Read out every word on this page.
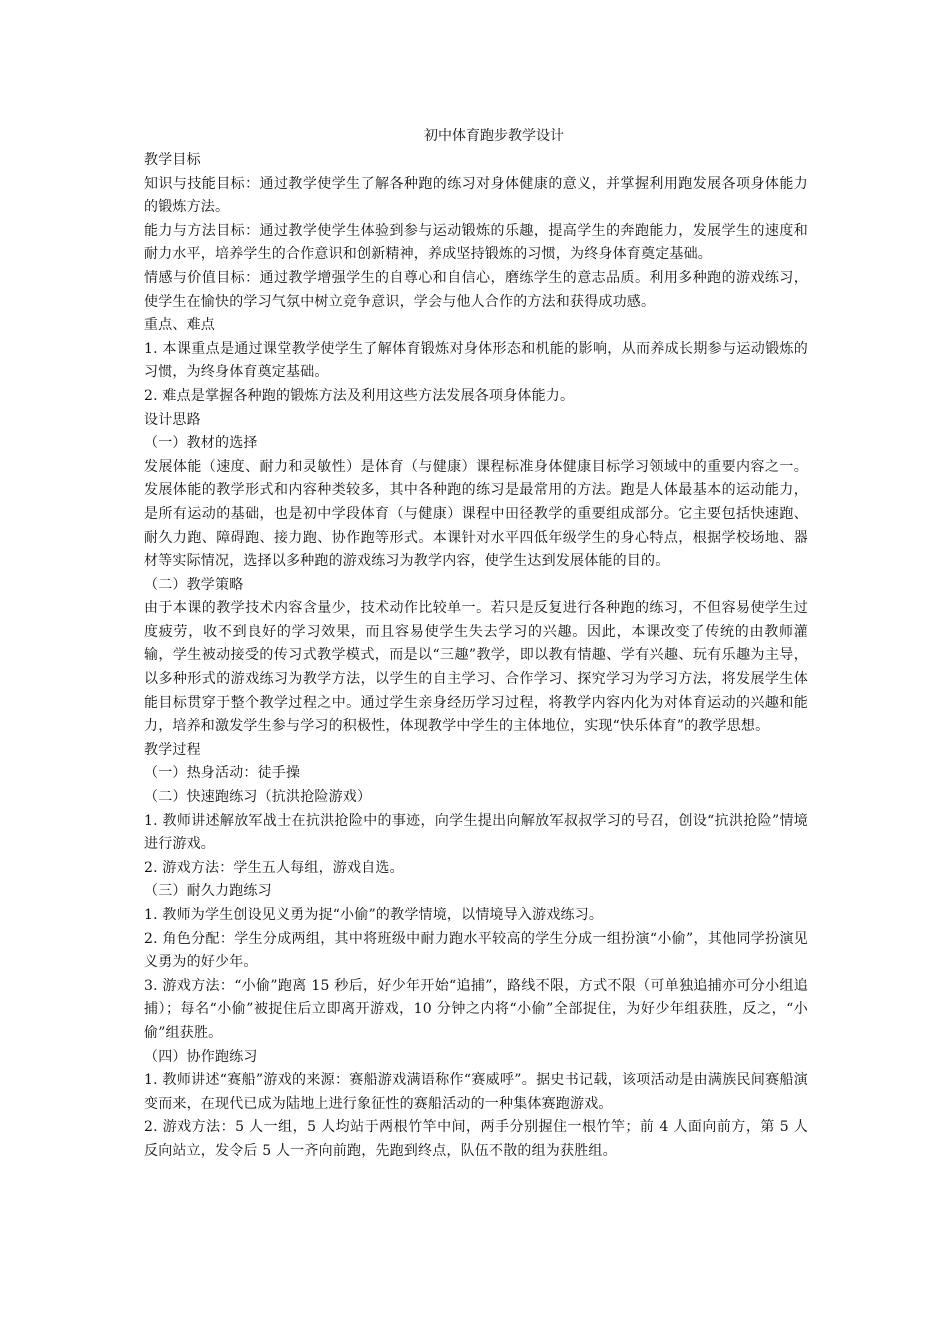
初中体育跑步教学设计

教学目标

知识与技能目标：通过教学使学生了解各种跑的练习对身体健康的意义，并掌握利用跑发展各项身体能力的锻炼方法。

能力与方法目标：通过教学使学生体验到参与运动锻炼的乐趣，提高学生的奔跑能力，发展学生的速度和耐力水平，培养学生的合作意识和创新精神，养成坚持锻炼的习惯，为终身体育奠定基础。

情感与价值目标：通过教学增强学生的自尊心和自信心，磨练学生的意志品质。利用多种跑的游戏练习，使学生在愉快的学习气氛中树立竞争意识，学会与他人合作的方法和获得成功感。

重点、难点

1. 本课重点是通过课堂教学使学生了解体育锻炼对身体形态和机能的影响，从而养成长期参与运动锻炼的习惯，为终身体育奠定基础。

2. 难点是掌握各种跑的锻炼方法及利用这些方法发展各项身体能力。

设计思路

（一）教材的选择

发展体能（速度、耐力和灵敏性）是体育（与健康）课程标准身体健康目标学习领域中的重要内容之一。发展体能的教学形式和内容种类较多，其中各种跑的练习是最常用的方法。跑是人体最基本的运动能力，是所有运动的基础，也是初中学段体育（与健康）课程中田径教学的重要组成部分。它主要包括快速跑、耐久力跑、障碍跑、接力跑、协作跑等形式。本课针对水平四低年级学生的身心特点，根据学校场地、器材等实际情况，选择以多种跑的游戏练习为教学内容，使学生达到发展体能的目的。

（二）教学策略

由于本课的教学技术内容含量少，技术动作比较单一。若只是反复进行各种跑的练习，不但容易使学生过度疲劳，收不到良好的学习效果，而且容易使学生失去学习的兴趣。因此，本课改变了传统的由教师灌输，学生被动接受的传习式教学模式，而是以“三趣”教学，即以教有情趣、学有兴趣、玩有乐趣为主导，以多种形式的游戏练习为教学方法，以学生的自主学习、合作学习、探究学习为学习方法，将发展学生体能目标贯穿于整个教学过程之中。通过学生亲身经历学习过程，将教学内容内化为对体育运动的兴趣和能力，培养和激发学生参与学习的积极性，体现教学中学生的主体地位，实现“快乐体育”的教学思想。

教学过程

（一）热身活动：徒手操

（二）快速跑练习（抗洪抢险游戏）

1. 教师讲述解放军战士在抗洪抢险中的事迹，向学生提出向解放军叔叔学习的号召，创设“抗洪抢险”情境进行游戏。

2. 游戏方法：学生五人每组，游戏自选。

（三）耐久力跑练习

1. 教师为学生创设见义勇为捉“小偷”的教学情境，以情境导入游戏练习。

2. 角色分配：学生分成两组，其中将班级中耐力跑水平较高的学生分成一组扮演“小偷”，其他同学扮演见义勇为的好少年。

3. 游戏方法：“小偷”跑离 15 秒后，好少年开始“追捕”，路线不限，方式不限（可单独追捕亦可分小组追捕）；每名“小偷”被捉住后立即离开游戏，10 分钟之内将“小偷”全部捉住，为好少年组获胜，反之，“小偷”组获胜。

（四）协作跑练习

1. 教师讲述“赛船”游戏的来源：赛船游戏满语称作“赛威呼”。据史书记载，该项活动是由满族民间赛船演变而来，在现代已成为陆地上进行象征性的赛船活动的一种集体赛跑游戏。

2. 游戏方法：5 人一组，5 人均站于两根竹竿中间，两手分别握住一根竹竿；前 4 人面向前方，第 5 人反向站立，发令后 5 人一齐向前跑，先跑到终点，队伍不散的组为获胜组。
